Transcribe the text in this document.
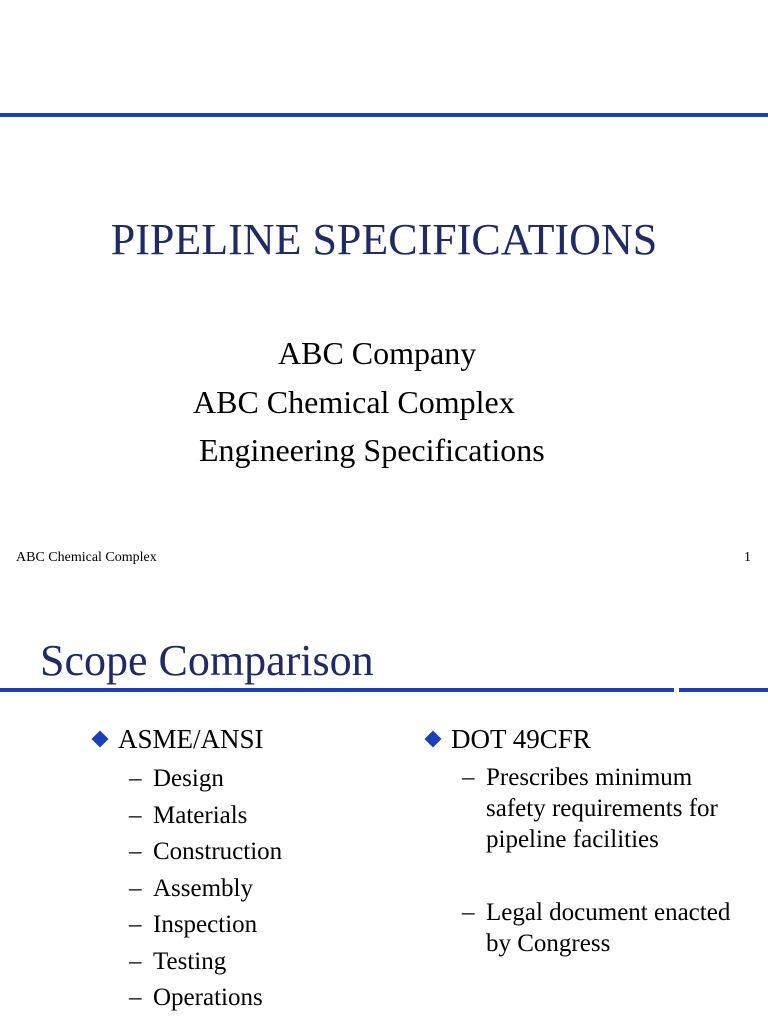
PIPELINE SPECIFICATIONS
ABC Company
ABC Chemical Complex
Engineering Specifications
ABC Chemical Complex	1
Scope Comparison
ASME/ANSI	DOT 49CFR
– Design
– Materials
– Construction
– Assembly
– Inspection
– Testing
– Operations
– Prescribes minimum safety requirements for pipeline facilities
– Legal document enacted by Congress
